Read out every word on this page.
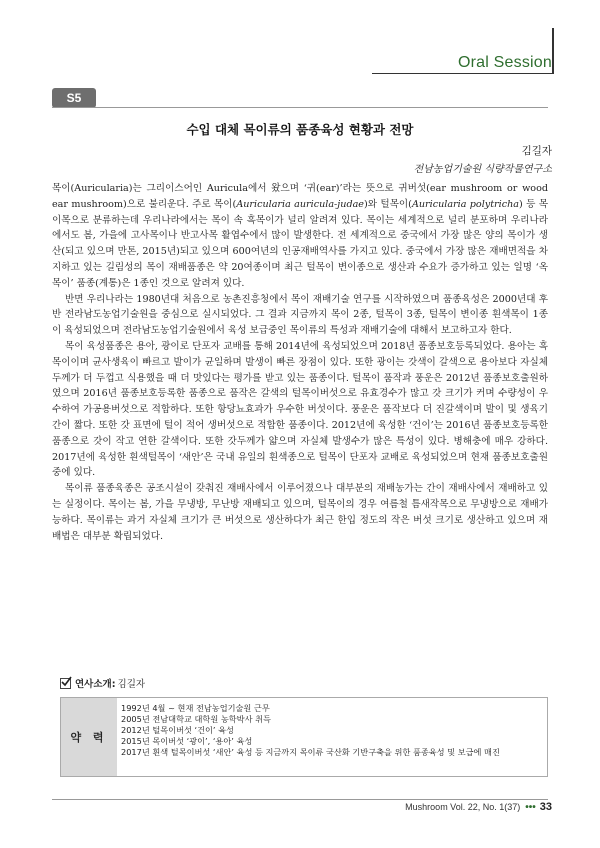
Oral Session
S5
수입 대체 목이류의 품종육성 현황과 전망
김길자
전남농업기술원 식량작물연구소

목이(Auricularia)는 그리이스어인 Auricula에서 왔으며 ‘귀(ear)’라는 뜻으로 귀버섯(ear mushroom or wood ear mushroom)으로 불리운다. 주로 목이(Auricularia auricula-judae)와 털목이(Auricularia polytricha) 등 목이목으로 분류하는데 우리나라에서는 목이 속 흑목이가 널리 알려져 있다. 목이는 세계적으로 널리 분포하며 우리나라에서도 봄, 가을에 고사목이나 반고사목 활엽수에서 많이 발생한다. 전 세계적으로 중국에서 가장 많은 양의 목이가 생산(되고 있으며 만톤, 2015년)되고 있으며 600여년의 인공재배역사를 가지고 있다. 중국에서 가장 많은 재배면적을 차지하고 있는 길림성의 목이 재배품종은 약 20여종이며 최근 털목이 변이종으로 생산과 수요가 증가하고 있는 일명 ‘옥목이’ 품종(계통)은 1종인 것으로 알려져 있다.

반면 우리나라는 1980년대 처음으로 농촌진흥청에서 목이 재배기술 연구를 시작하였으며 품종육성은 2000년대 후반 전라남도농업기술원을 중심으로 실시되었다. 그 결과 지금까지 목이 2종, 털목이 3종, 털목이 변이종 흰색목이 1종이 육성되었으며 전라남도농업기술원에서 육성 보급중인 목이류의 특성과 재배기술에 대해서 보고하고자 한다.

목이 육성품종은 용아, 광이로 단포자 교배를 통해 2014년에 육성되었으며 2018년 품종보호등록되었다. 용아는 흑목이이며 균사생육이 빠르고 발이가 균일하며 발생이 빠른 장점이 있다. 또한 광이는 갓색이 갈색으로 용아보다 자실체 두께가 더 두껍고 식용했을 때 더 맛있다는 평가를 받고 있는 품종이다. 털목이 품작과 풍운은 2012년 품종보호출원하였으며 2016년 품종보호등록한 품종으로 품작은 갈색의 털목이버섯으로 유효경수가 많고 갓 크기가 커며 수량성이 우수하여 가공용버섯으로 적합하다. 또한 항당뇨효과가 우수한 버섯이다. 풍운은 품작보다 더 진갈색이며 발이 및 생육기간이 짧다. 또한 갓 표면에 털이 적어 생버섯으로 적합한 품종이다. 2012년에 육성한 ‘건이’는 2016년 품종보호등록한 품종으로 갓이 작고 연한 갈색이다. 또한 갓두께가 얇으며 자실체 발생수가 많은 특성이 있다. 병해충에 매우 강하다. 2017년에 육성한 흰색털목이 ‘새안’은 국내 유일의 흰색종으로 털목이 단포자 교배로 육성되었으며 현재 품종보호출원 중에 있다.

목이류 품종육종은 공조시설이 갖춰진 재배사에서 이루어졌으나 대부분의 재배농가는 간이 재배사에서 재배하고 있는 실정이다. 목이는 봄, 가을 무냉방, 무난방 재배되고 있으며, 털목이의 경우 여름철 틈새작목으로 무냉방으로 재배가능하다. 목이류는 과거 자실체 크기가 큰 버섯으로 생산하다가 최근 한입 정도의 작은 버섯 크기로 생산하고 있으며 재배법은 대부분 확립되었다.

연사소개: 김길자
약 력
1992년 4월 ~ 현재
전남농업기술원 근무
2005년
전남대학교 대학원 농학박사 취득
2012년
털목이버섯 ‘건이’ 육성
2015년
목이버섯 ‘광이’, ‘용아’ 육성
2017년
흰색 털목이버섯 ‘새안’ 육성 등 지금까지 목이류 국산화 기반구축을 위한 품종육성 및 보급에 매진
Mushroom Vol. 22, No. 1(37) ••• 33
